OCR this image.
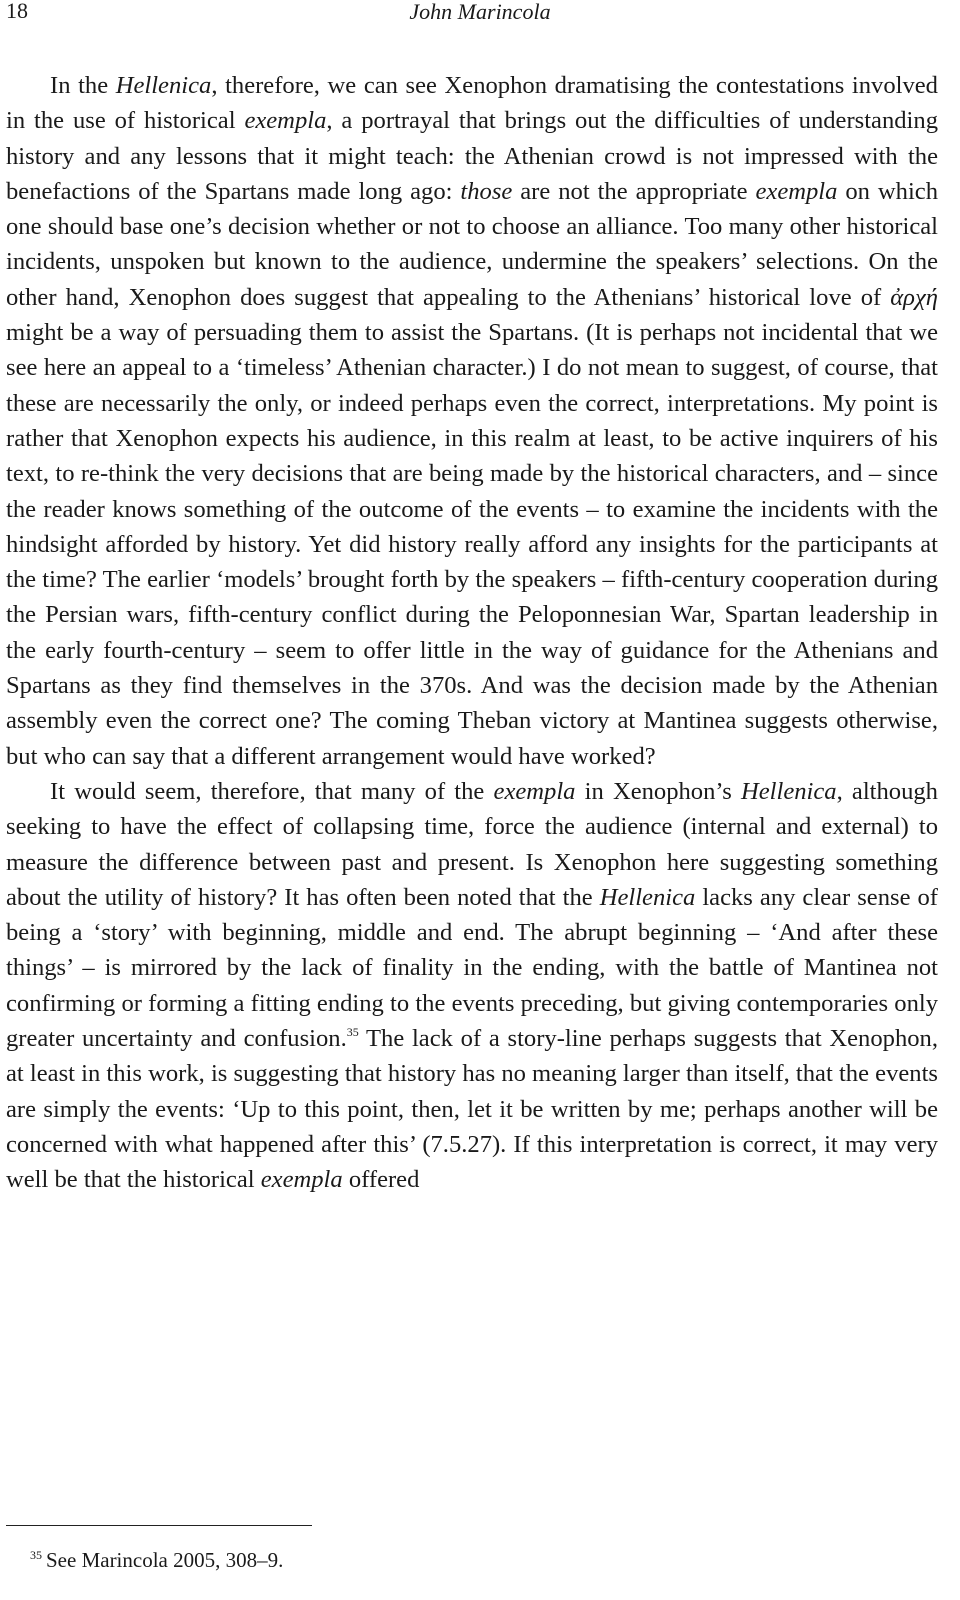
18	John Marincola

In the Hellenica, therefore, we can see Xenophon dramatising the contestations involved in the use of historical exempla, a portrayal that brings out the difficulties of understanding history and any lessons that it might teach: the Athenian crowd is not impressed with the benefactions of the Spartans made long ago: those are not the appropriate exempla on which one should base one’s decision whether or not to choose an alliance. Too many other historical incidents, unspoken but known to the audience, undermine the speakers’ selections. On the other hand, Xenophon does suggest that appealing to the Athenians’ historical love of ἀρχή might be a way of persuading them to assist the Spartans. (It is perhaps not incidental that we see here an appeal to a ‘timeless’ Athenian character.) I do not mean to suggest, of course, that these are necessarily the only, or indeed perhaps even the correct, interpretations. My point is rather that Xenophon expects his audience, in this realm at least, to be active inquirers of his text, to re-think the very decisions that are being made by the historical characters, and – since the reader knows something of the outcome of the events – to examine the incidents with the hindsight afforded by history. Yet did history really afford any insights for the participants at the time? The earlier ‘models’ brought forth by the speakers – fifth-century cooperation during the Persian wars, fifth-century conflict during the Peloponnesian War, Spartan leadership in the early fourth-century – seem to offer little in the way of guidance for the Athenians and Spartans as they find themselves in the 370s. And was the decision made by the Athenian assembly even the correct one? The coming Theban victory at Mantinea suggests otherwise, but who can say that a different arrangement would have worked?

It would seem, therefore, that many of the exempla in Xenophon’s Hellenica, although seeking to have the effect of collapsing time, force the audience (internal and external) to measure the difference between past and present. Is Xenophon here suggesting something about the utility of history? It has often been noted that the Hellenica lacks any clear sense of being a ‘story’ with beginning, middle and end. The abrupt beginning – ‘And after these things’ – is mirrored by the lack of finality in the ending, with the battle of Mantinea not confirming or forming a fitting ending to the events preceding, but giving contemporaries only greater uncertainty and confusion.$^{35}$ The lack of a story-line perhaps suggests that Xenophon, at least in this work, is suggesting that history has no meaning larger than itself, that the events are simply the events: ‘Up to this point, then, let it be written by me; perhaps another will be concerned with what happened after this’ (7.5.27). If this interpretation is correct, it may very well be that the historical exempla offered

$^{35}$ See Marincola 2005, 308–9.
